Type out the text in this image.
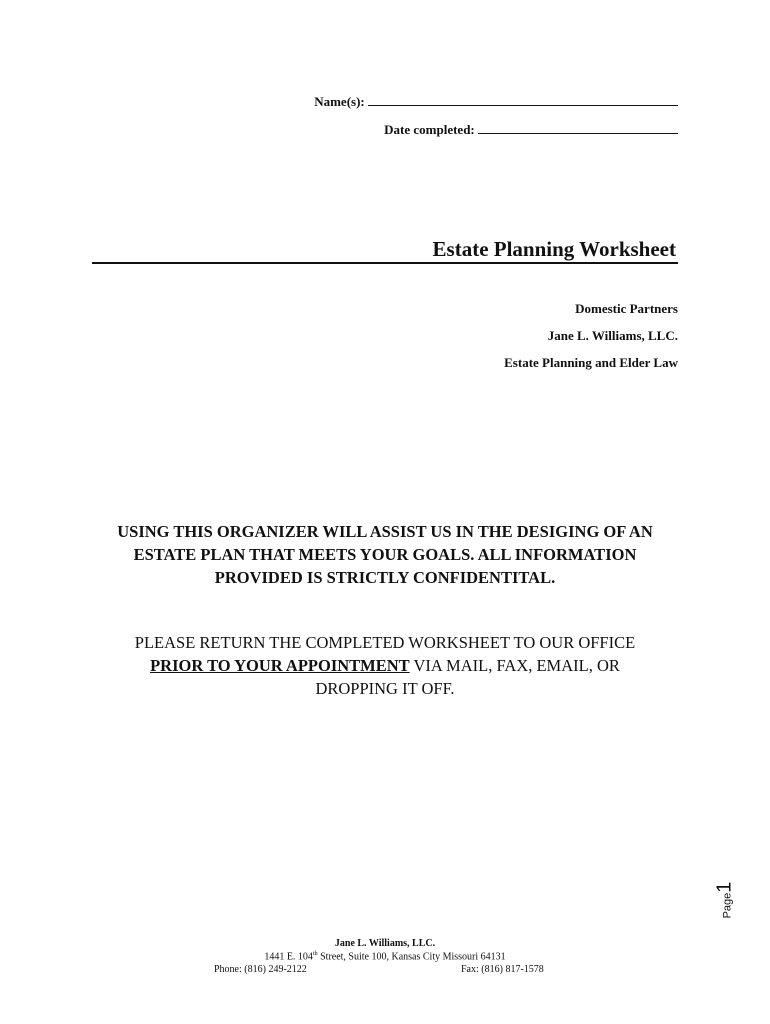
Name(s):
Date completed:
Estate Planning Worksheet
Domestic Partners
Jane L. Williams, LLC.
Estate Planning and Elder Law
USING THIS ORGANIZER WILL ASSIST US IN THE DESIGING OF AN
ESTATE PLAN THAT MEETS YOUR GOALS. ALL INFORMATION
PROVIDED IS STRICTLY CONFIDENTITAL.
PLEASE RETURN THE COMPLETED WORKSHEET TO OUR OFFICE
PRIOR TO YOUR APPOINTMENT VIA MAIL, FAX, EMAIL, OR
DROPPING IT OFF.
Page1
Jane L. Williams, LLC.
1441 E. 104th Street, Suite 100, Kansas City Missouri 64131
Phone: (816) 249-2122	Fax: (816) 817-1578
